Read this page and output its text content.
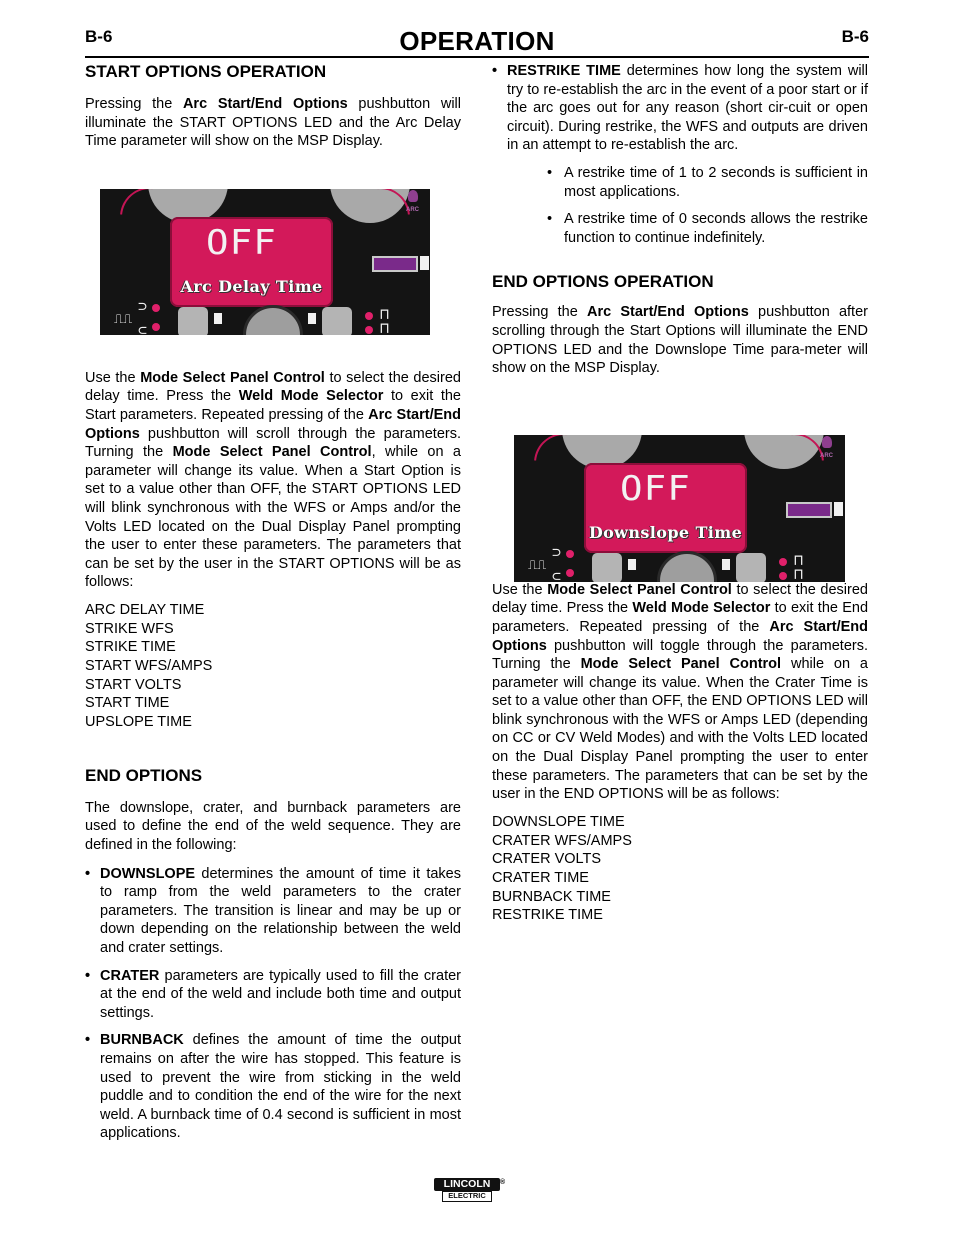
B-6	OPERATION	B-6
START OPTIONS OPERATION

Pressing the Arc Start/End Options pushbutton will illuminate the START OPTIONS LED and the Arc Delay Time parameter will show on the MSP Display.

Use the Mode Select Panel Control to select the desired delay time. Press the Weld Mode Selector to exit the Start parameters. Repeated pressing of the Arc Start/End Options pushbutton will scroll through the parameters. Turning the Mode Select Panel Control, while on a parameter will change its value. When a Start Option is set to a value other than OFF, the START OPTIONS LED will blink synchronous with the WFS or Amps and/or the Volts LED located on the Dual Display Panel prompting the user to enter these parameters. The parameters that can be set by the user in the START OPTIONS will be as follows:

ARC DELAY TIME
STRIKE WFS
STRIKE TIME
START WFS/AMPS
START VOLTS
START TIME
UPSLOPE TIME
END OPTIONS

The downslope, crater, and burnback parameters are used to define the end of the weld sequence. They are defined in the following:

• DOWNSLOPE determines the amount of time it takes to ramp from the weld parameters to the crater parameters. The transition is linear and may be up or down depending on the relationship between the weld and crater settings.
• CRATER parameters are typically used to fill the crater at the end of the weld and include both time and output settings.
• BURNBACK defines the amount of time the output remains on after the wire has stopped. This feature is used to prevent the wire from sticking in the weld puddle and to condition the end of the wire for the next weld. A burnback time of 0.4 second is sufficient in most applications.
• RESTRIKE TIME determines how long the system will try to re-establish the arc in the event of a poor start or if the arc goes out for any reason (short cir-cuit or open circuit). During restrike, the WFS and outputs are driven in an attempt to re-establish the arc.
• A restrike time of 1 to 2 seconds is sufficient in most applications.
• A restrike time of 0 seconds allows the restrike function to continue indefinitely.
END OPTIONS OPERATION

Pressing the Arc Start/End Options pushbutton after scrolling through the Start Options will illuminate the END OPTIONS LED and the Downslope Time para-meter will show on the MSP Display.

Use the Mode Select Panel Control to select the desired delay time. Press the Weld Mode Selector to exit the End parameters. Repeated pressing of the Arc Start/End Options pushbutton will toggle through the parameters. Turning the Mode Select Panel Control while on a parameter will change its value. When the Crater Time is set to a value other than OFF, the END OPTIONS LED will blink synchronous with the WFS or Amps LED (depending on CC or CV Weld Modes) and with the Volts LED located on the Dual Display Panel prompting the user to enter these parameters. The parameters that can be set by the user in the END OPTIONS will be as follows:

DOWNSLOPE TIME
CRATER WFS/AMPS
CRATER VOLTS
CRATER TIME
BURNBACK TIME
RESTRIKE TIME
ARC
OFF
Arc Delay Time
⊃
⎍⎍
⊂
⊓
⊓
ARC
OFF
Downslope Time
⊃
⎍⎍
⊂
⊓
⊓
LINCOLN
ELECTRIC
®
